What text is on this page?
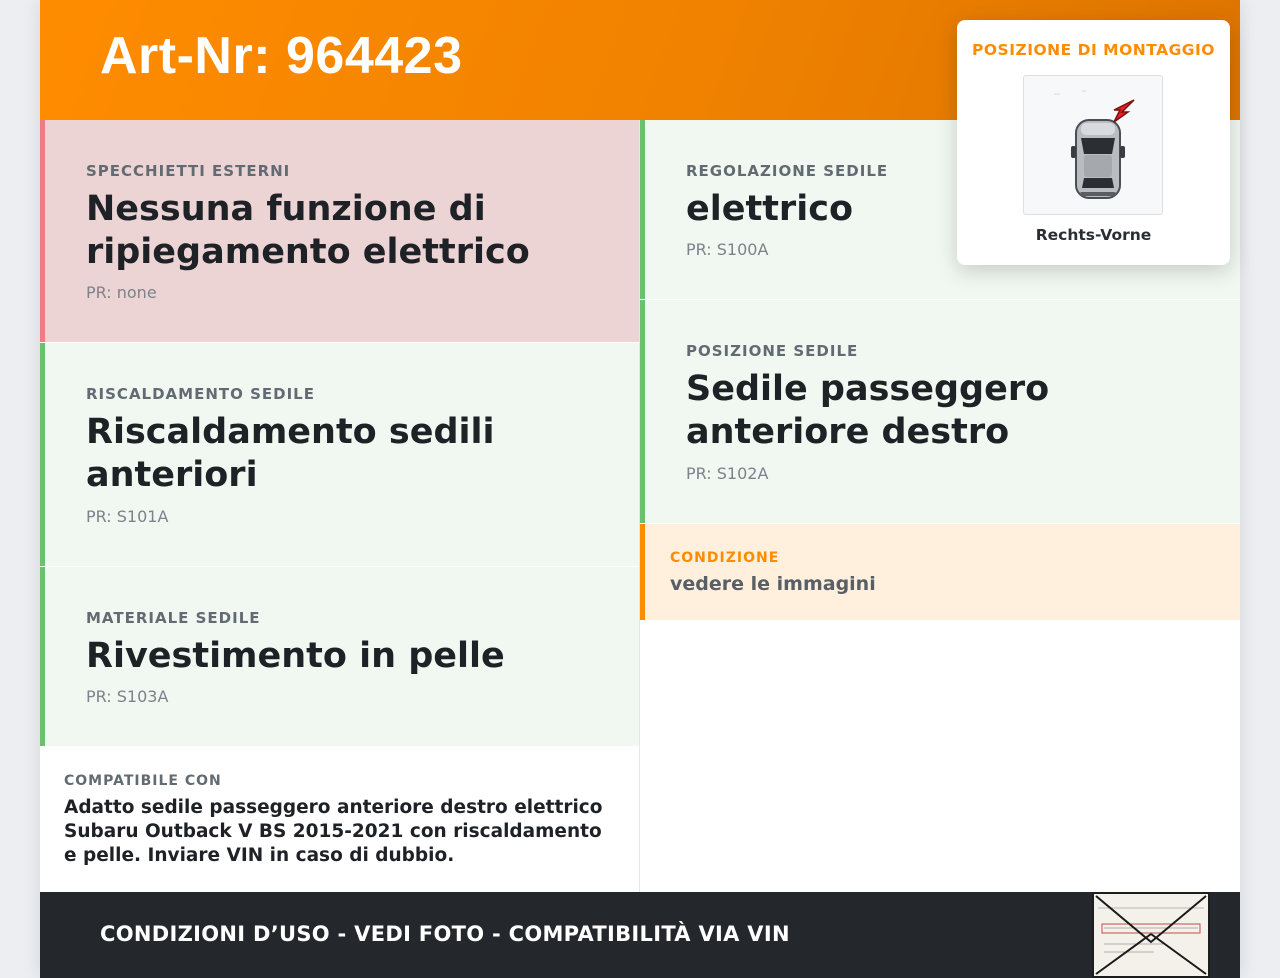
Art-Nr: 964423
SPECCHIETTI ESTERNI
Nessuna funzione di ripiegamento elettrico
PR: none
RISCALDAMENTO SEDILE
Riscaldamento sedili anteriori
PR: S101A
MATERIALE SEDILE
Rivestimento in pelle
PR: S103A
COMPATIBILE CON
Adatto sedile passeggero anteriore destro elettrico Subaru Outback V BS 2015-2021 con riscaldamento e pelle. Inviare VIN in caso di dubbio.
REGOLAZIONE SEDILE
elettrico
PR: S100A
POSIZIONE SEDILE
Sedile passeggero anteriore destro
PR: S102A
CONDIZIONE
vedere le immagini
CONDIZIONI D’USO - VEDI FOTO - COMPATIBILITÀ VIA VIN
POSIZIONE DI MONTAGGIO
Rechts-Vorne
